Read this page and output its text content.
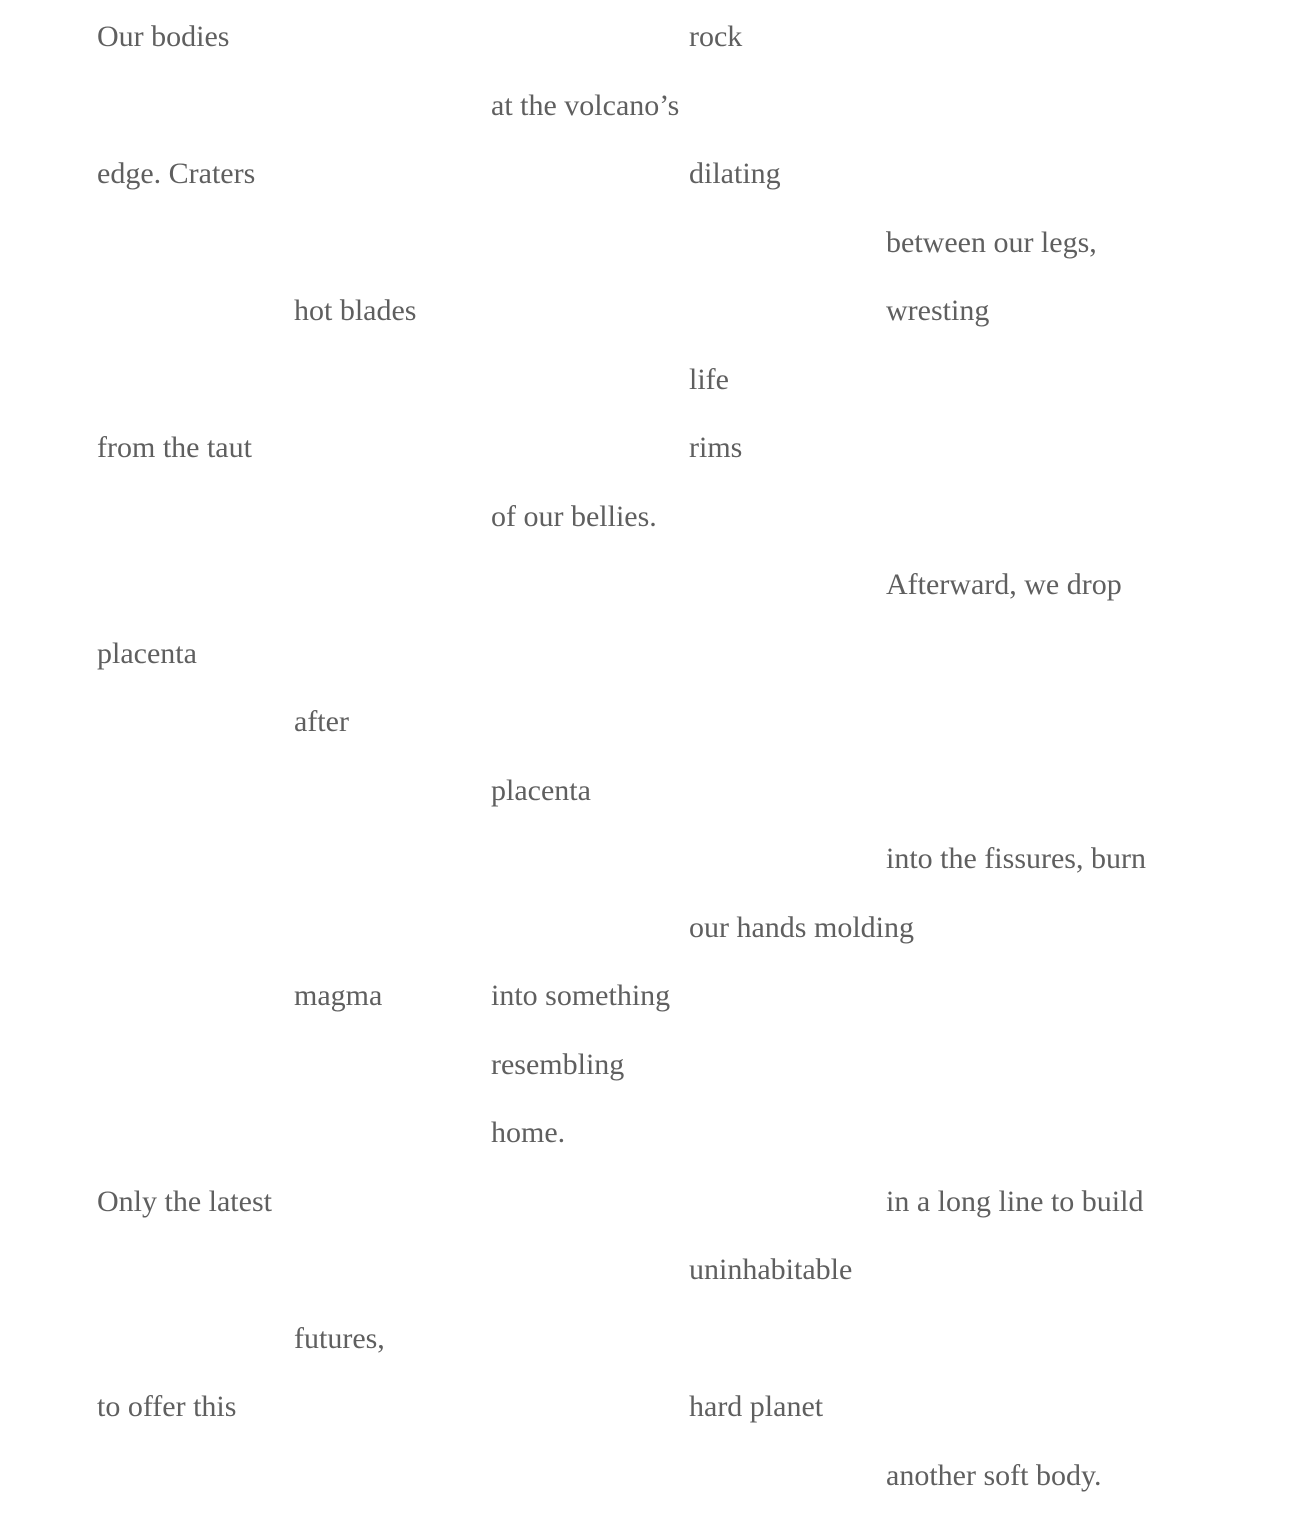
Our bodies	rock
at the volcano’s
edge. Craters	dilating
between our legs,
hot blades	wresting
life
from the taut	rims
of our bellies.
Afterward, we drop
placenta
after
placenta
into the fissures, burn
our hands molding
magma	into something
resembling
home.
Only the latest	in a long line to build
uninhabitable
futures,
to offer this	hard planet
another soft body.
